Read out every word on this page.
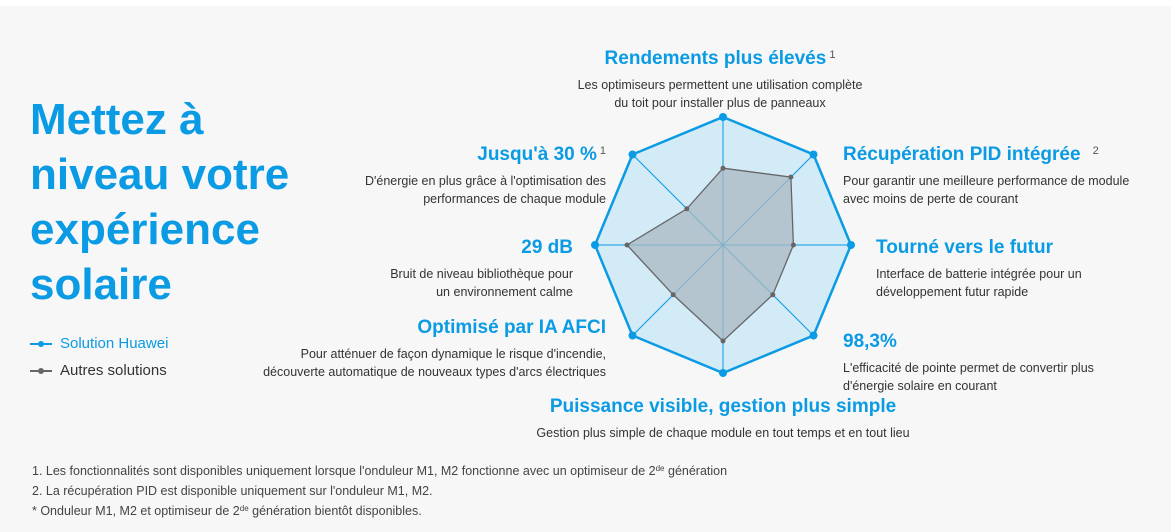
Mettez à
niveau votre
expérience
solaire
Solution Huawei
Autres solutions
Rendements plus élevés $^1$
Les optimiseurs permettent une utilisation complète
du toit pour installer plus de panneaux
Récupération PID intégrée $^2$
Pour garantir une meilleure performance de module
avec moins de perte de courant
Tourné vers le futur
Interface de batterie intégrée pour un
développement futur rapide
98,3%
L'efficacité de pointe permet de convertir plus
d'énergie solaire en courant
Puissance visible, gestion plus simple
Gestion plus simple de chaque module en tout temps et en tout lieu
Optimisé par IA AFCI
Pour atténuer de façon dynamique le risque d'incendie,
découverte automatique de nouveaux types d'arcs électriques
29 dB
Bruit de niveau bibliothèque pour
un environnement calme
Jusqu'à 30 % $^1$
D'énergie en plus grâce à l'optimisation des
performances de chaque module
1. Les fonctionnalités sont disponibles uniquement lorsque l'onduleur M1, M2 fonctionne avec un optimiseur de 2de génération
2. La récupération PID est disponible uniquement sur l'onduleur M1, M2.
* Onduleur M1, M2 et optimiseur de 2de génération bientôt disponibles.
